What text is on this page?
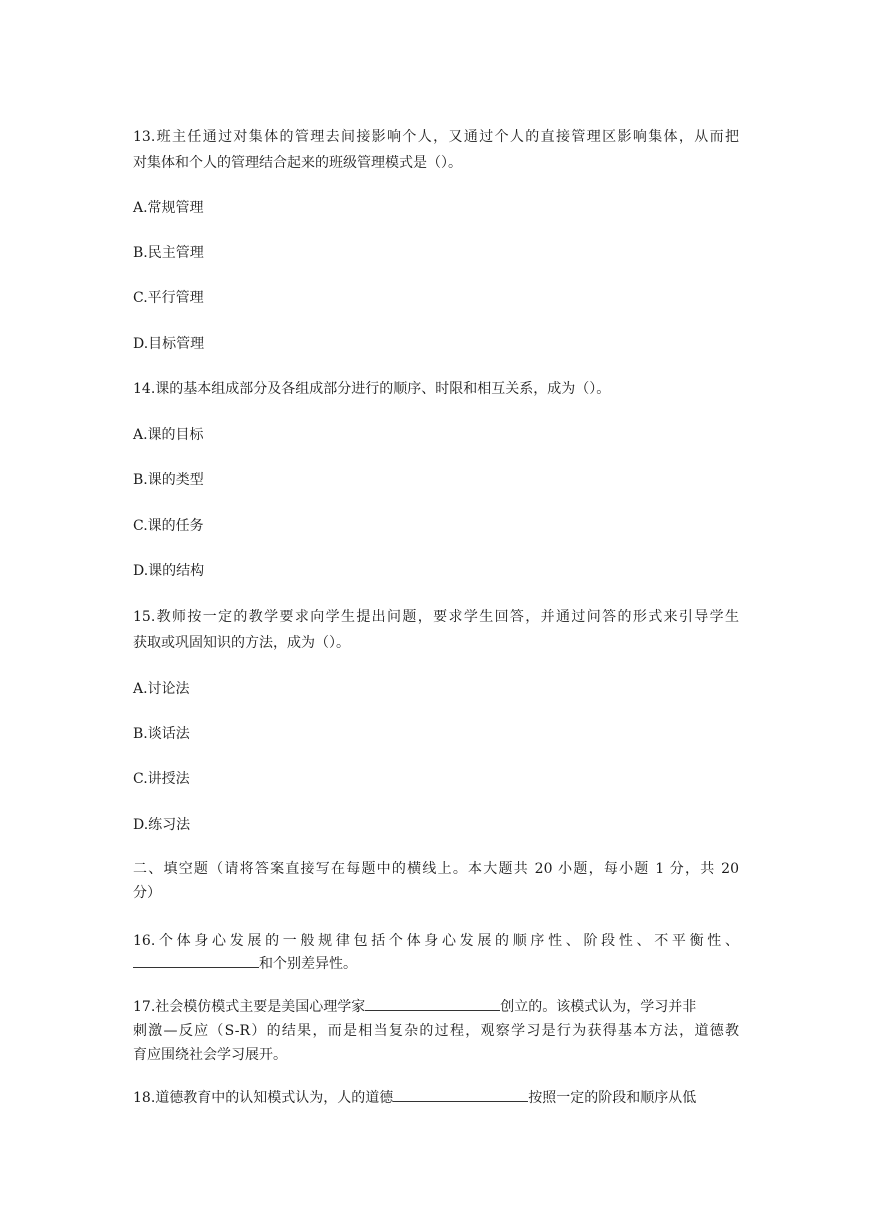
13.班主任通过对集体的管理去间接影响个人，又通过个人的直接管理区影响集体，从而把
对集体和个人的管理结合起来的班级管理模式是（）。
A.常规管理
B.民主管理
C.平行管理
D.目标管理
14.课的基本组成部分及各组成部分进行的顺序、时限和相互关系，成为（）。
A.课的目标
B.课的类型
C.课的任务
D.课的结构
15.教师按一定的教学要求向学生提出问题，要求学生回答，并通过问答的形式来引导学生
获取或巩固知识的方法，成为（）。
A.讨论法
B.谈话法
C.讲授法
D.练习法
二、填空题（请将答案直接写在每题中的横线上。本大题共 20 小题，每小题 1 分，共 20
分）
16.个体身心发展的一般规律包括个体身心发展的顺序性、阶段性、不平衡性、
和个别差异性。
17.社会模仿模式主要是美国心理学家	创立的。该模式认为，学习并非
刺激—反应（S-R）的结果，而是相当复杂的过程，观察学习是行为获得基本方法，道德教
育应围绕社会学习展开。
18.道德教育中的认知模式认为，人的道德	按照一定的阶段和顺序从低
